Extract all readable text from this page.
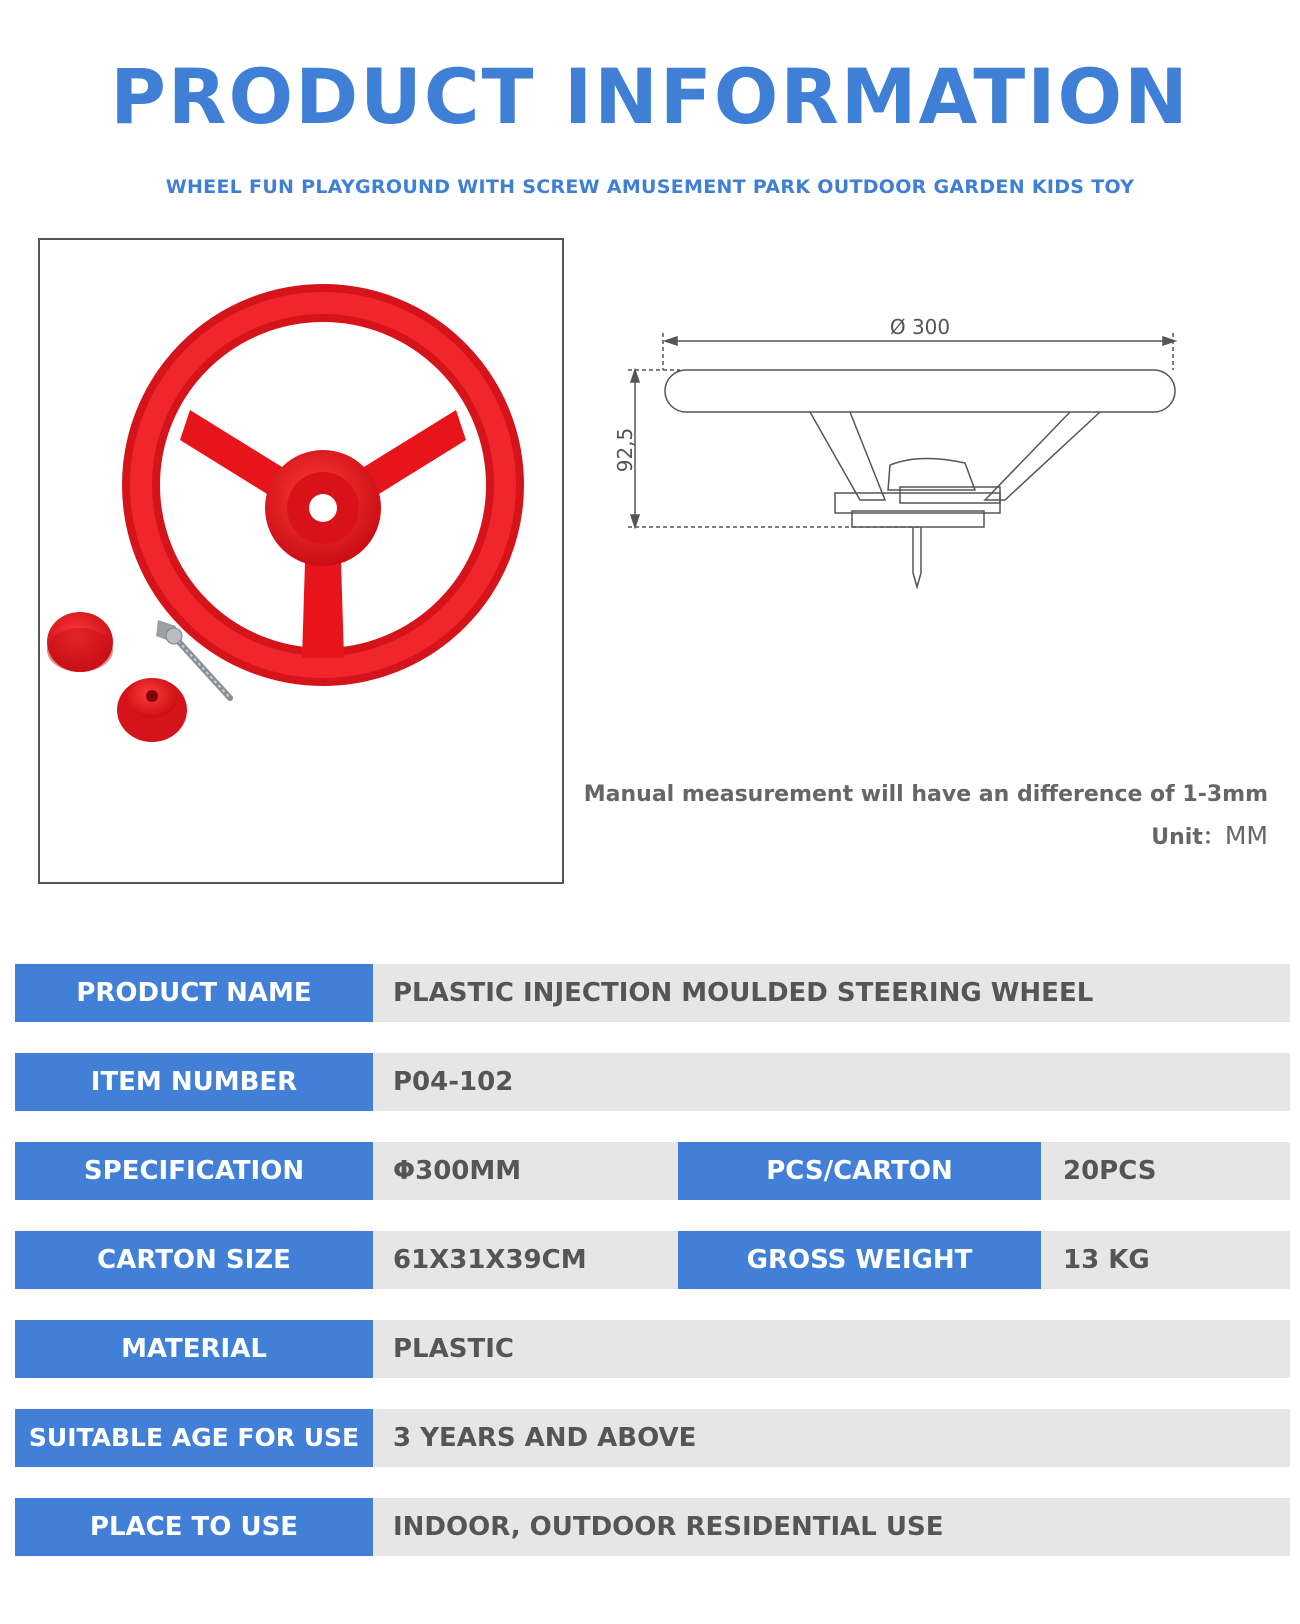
PRODUCT INFORMATION
WHEEL FUN PLAYGROUND WITH SCREW AMUSEMENT PARK OUTDOOR GARDEN KIDS TOY
Ø 300
92,5
Manual measurement will have an difference of 1-3mm
Unit：MM
PRODUCT NAME	PLASTIC INJECTION MOULDED STEERING WHEEL
ITEM NUMBER	P04-102
SPECIFICATION	Φ300MM	PCS/CARTON	20PCS
CARTON SIZE	61X31X39CM	GROSS WEIGHT	13 KG
MATERIAL	PLASTIC
SUITABLE AGE FOR USE	3 YEARS AND ABOVE
PLACE TO USE	INDOOR, OUTDOOR RESIDENTIAL USE
